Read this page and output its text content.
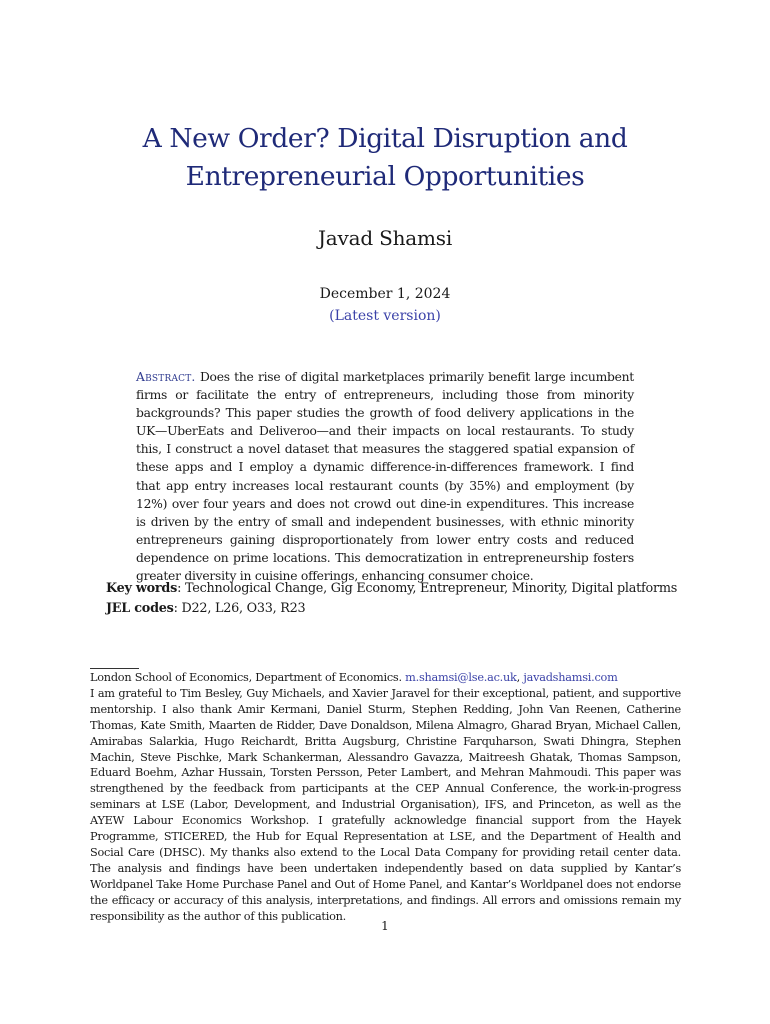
A New Order? Digital Disruption and
Entrepreneurial Opportunities
Javad Shamsi
December 1, 2024
(Latest version)
Abstract. Does the rise of digital marketplaces primarily benefit large incumbent firms or facilitate the entry of entrepreneurs, including those from minority backgrounds? This paper studies the growth of food delivery applications in the UK—UberEats and Deliveroo—and their impacts on local restaurants. To study this, I construct a novel dataset that measures the staggered spatial expansion of these apps and I employ a dynamic difference-in-differences framework. I find that app entry increases local restaurant counts (by 35%) and employment (by 12%) over four years and does not crowd out dine-in expenditures. This increase is driven by the entry of small and independent businesses, with ethnic minority entrepreneurs gaining disproportionately from lower entry costs and reduced dependence on prime locations. This democratization in entrepreneurship fosters greater diversity in cuisine offerings, enhancing consumer choice.
Key words: Technological Change, Gig Economy, Entrepreneur, Minority, Digital platforms
JEL codes: D22, L26, O33, R23

London School of Economics, Department of Economics. m.shamsi@lse.ac.uk, javadshamsi.com

I am grateful to Tim Besley, Guy Michaels, and Xavier Jaravel for their exceptional, patient, and supportive mentorship. I also thank Amir Kermani, Daniel Sturm, Stephen Redding, John Van Reenen, Catherine Thomas, Kate Smith, Maarten de Ridder, Dave Donaldson, Milena Almagro, Gharad Bryan, Michael Callen, Amirabas Salarkia, Hugo Reichardt, Britta Augsburg, Christine Farquharson, Swati Dhingra, Stephen Machin, Steve Pischke, Mark Schankerman, Alessandro Gavazza, Maitreesh Ghatak, Thomas Sampson, Eduard Boehm, Azhar Hussain, Torsten Persson, Peter Lambert, and Mehran Mahmoudi. This paper was strengthened by the feedback from participants at the CEP Annual Conference, the work-in-progress seminars at LSE (Labor, Development, and Industrial Organisation), IFS, and Princeton, as well as the AYEW Labour Economics Workshop. I gratefully acknowledge financial support from the Hayek Programme, STICERED, the Hub for Equal Representation at LSE, and the Department of Health and Social Care (DHSC). My thanks also extend to the Local Data Company for providing retail center data. The analysis and findings have been undertaken independently based on data supplied by Kantar’s Worldpanel Take Home Purchase Panel and Out of Home Panel, and Kantar’s Worldpanel does not endorse the efficacy or accuracy of this analysis, interpretations, and findings. All errors and omissions remain my responsibility as the author of this publication.

1
